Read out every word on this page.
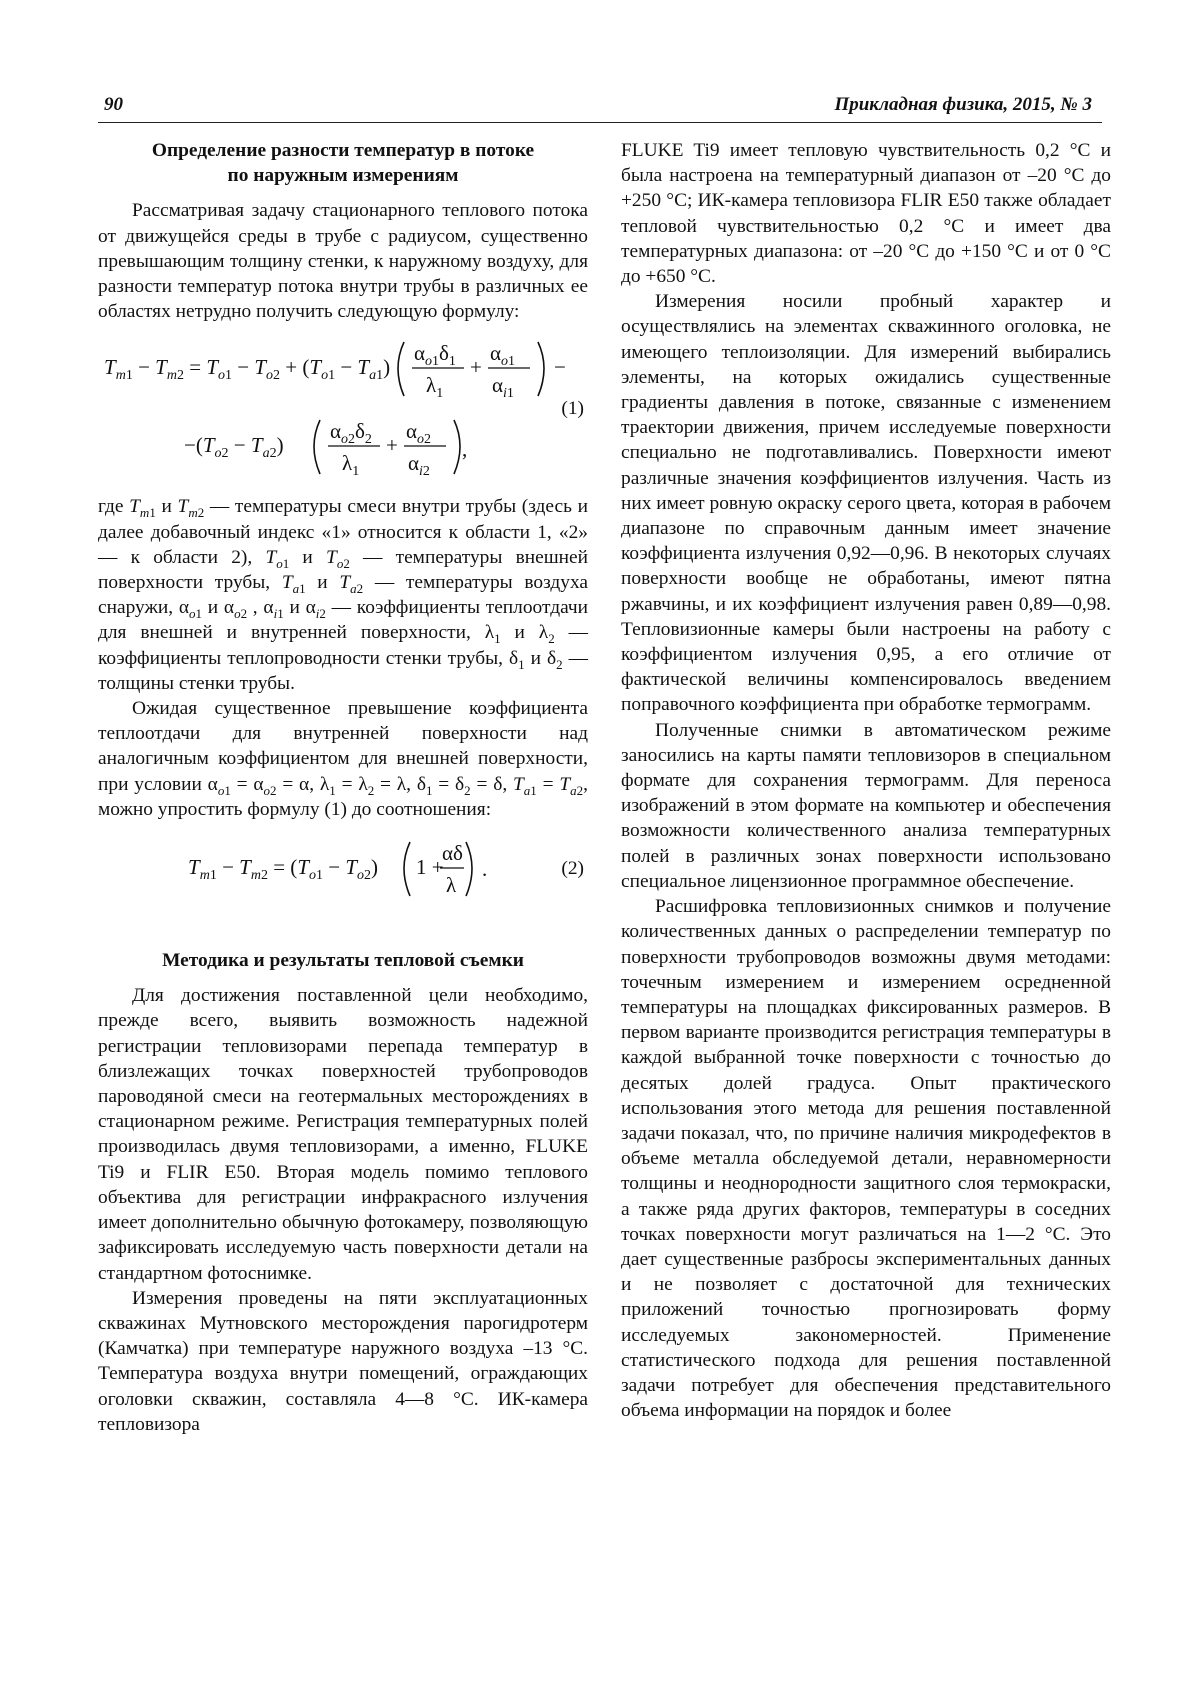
90	Прикладная физика, 2015, № 3
Определение разности температур в потоке
по наружным измерениям

Рассматривая задачу стационарного теплового потока от движущейся среды в трубе с радиусом, существенно превышающим толщину стенки, к наружному воздуху, для разности температур потока внутри трубы в различных ее областях нетрудно получить следующую формулу:

$T_m1 - T_m2 = T_o1 - T_o2 + (T_o1 - T_a1)$
$\alpha_o1\delta_1$
$\lambda_1$
+
$\alpha_o1$
$\alpha_i1$
−
$-(T_o2 - T_a2)$
$\alpha_o2\delta_2$
$\lambda_1$
+
$\alpha_o2$
$\alpha_i2$
,
(1)

где $T_{m1}$ и $T_{m2}$ — температуры смеси внутри трубы (здесь и далее добавочный индекс «1» относится к области 1, «2» — к области 2), $T_{o1}$ и $T_{o2}$ — температуры внешней поверхности трубы, $T_{a1}$ и $T_{a2}$ — температуры воздуха снаружи, $\alpha_{o1}$ и $\alpha_{o2}$ , $\alpha_{i1}$ и $\alpha_{i2}$ — коэффициенты теплоотдачи для внешней и внутренней поверхности, $\lambda_1$ и $\lambda_2$ — коэффициенты теплопроводности стенки трубы, $\delta_1$ и $\delta_2$ — толщины стенки трубы.

Ожидая существенное превышение коэффициента теплоотдачи для внутренней поверхности над аналогичным коэффициентом для внешней поверхности, при условии $\alpha_{o1} = \alpha_{o2} = \alpha$, $\lambda_1 = \lambda_2 = \lambda$, $\delta_1 = \delta_2 = \delta$, $T_{a1} = T_{a2}$, можно упростить формулу (1) до соотношения:

$T_m1 - T_m2 = (T_o1 - T_o2) 1$ +
αδ
λ
.	(2)
Методика и результаты тепловой съемки

Для достижения поставленной цели необходимо, прежде всего, выявить возможность надежной регистрации тепловизорами перепада температур в близлежащих точках поверхностей трубопроводов пароводяной смеси на геотермальных месторождениях в стационарном режиме. Регистрация температурных полей производилась двумя тепловизорами, а именно, FLUKE Ti9 и FLIR E50. Вторая модель помимо теплового объектива для регистрации инфракрасного излучения имеет дополнительно обычную фотокамеру, позволяющую зафиксировать исследуемую часть поверхности детали на стандартном фотоснимке.

Измерения проведены на пяти эксплуатационных скважинах Мутновского месторождения парогидротерм (Камчатка) при температуре наружного воздуха –13 °С. Температура воздуха внутри помещений, ограждающих оголовки скважин, составляла 4—8 °С. ИК-камера тепловизора

FLUKE Ti9 имеет тепловую чувствительность 0,2 °С и была настроена на температурный диапазон от –20 °С до +250 °С; ИК-камера тепловизора FLIR E50 также обладает тепловой чувствительностью 0,2 °С и имеет два температурных диапазона: от –20 °С до +150 °С и от 0 °С до +650 °С.

Измерения носили пробный характер и осуществлялись на элементах скважинного оголовка, не имеющего теплоизоляции. Для измерений выбирались элементы, на которых ожидались существенные градиенты давления в потоке, связанные с изменением траектории движения, причем исследуемые поверхности специально не подготавливались. Поверхности имеют различные значения коэффициентов излучения. Часть из них имеет ровную окраску серого цвета, которая в рабочем диапазоне по справочным данным имеет значение коэффициента излучения 0,92—0,96. В некоторых случаях поверхности вообще не обработаны, имеют пятна ржавчины, и их коэффициент излучения равен 0,89—0,98. Тепловизионные камеры были настроены на работу с коэффициентом излучения 0,95, а его отличие от фактической величины компенсировалось введением поправочного коэффициента при обработке термограмм.

Полученные снимки в автоматическом режиме заносились на карты памяти тепловизоров в специальном формате для сохранения термограмм. Для переноса изображений в этом формате на компьютер и обеспечения возможности количественного анализа температурных полей в различных зонах поверхности использовано специальное лицензионное программное обеспечение.

Расшифровка тепловизионных снимков и получение количественных данных о распределении температур по поверхности трубопроводов возможны двумя методами: точечным измерением и измерением осредненной температуры на площадках фиксированных размеров. В первом варианте производится регистрация температуры в каждой выбранной точке поверхности с точностью до десятых долей градуса. Опыт практического использования этого метода для решения поставленной задачи показал, что, по причине наличия микродефектов в объеме металла обследуемой детали, неравномерности толщины и неоднородности защитного слоя термокраски, а также ряда других факторов, температуры в соседних точках поверхности могут различаться на 1—2 °С. Это дает существенные разбросы экспериментальных данных и не позволяет с достаточной для технических приложений точностью прогнозировать форму исследуемых закономерностей. Применение статистического подхода для решения поставленной задачи потребует для обеспечения представительного объема информации на порядок и более
